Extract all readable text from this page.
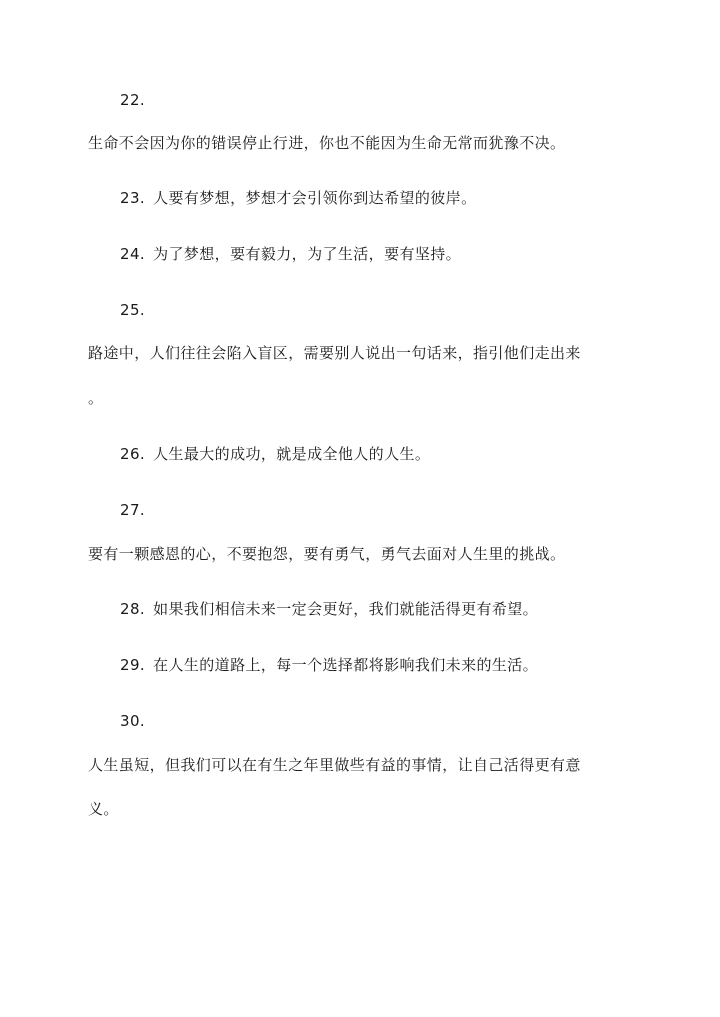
22.
生命不会因为你的错误停止行进，你也不能因为生命无常而犹豫不决。
23. 人要有梦想，梦想才会引领你到达希望的彼岸。
24. 为了梦想，要有毅力，为了生活，要有坚持。
25.
路途中，人们往往会陷入盲区，需要别人说出一句话来，指引他们走出来
。
26. 人生最大的成功，就是成全他人的人生。
27.
要有一颗感恩的心，不要抱怨，要有勇气，勇气去面对人生里的挑战。
28. 如果我们相信未来一定会更好，我们就能活得更有希望。
29. 在人生的道路上，每一个选择都将影响我们未来的生活。
30.
人生虽短，但我们可以在有生之年里做些有益的事情，让自己活得更有意
义。
